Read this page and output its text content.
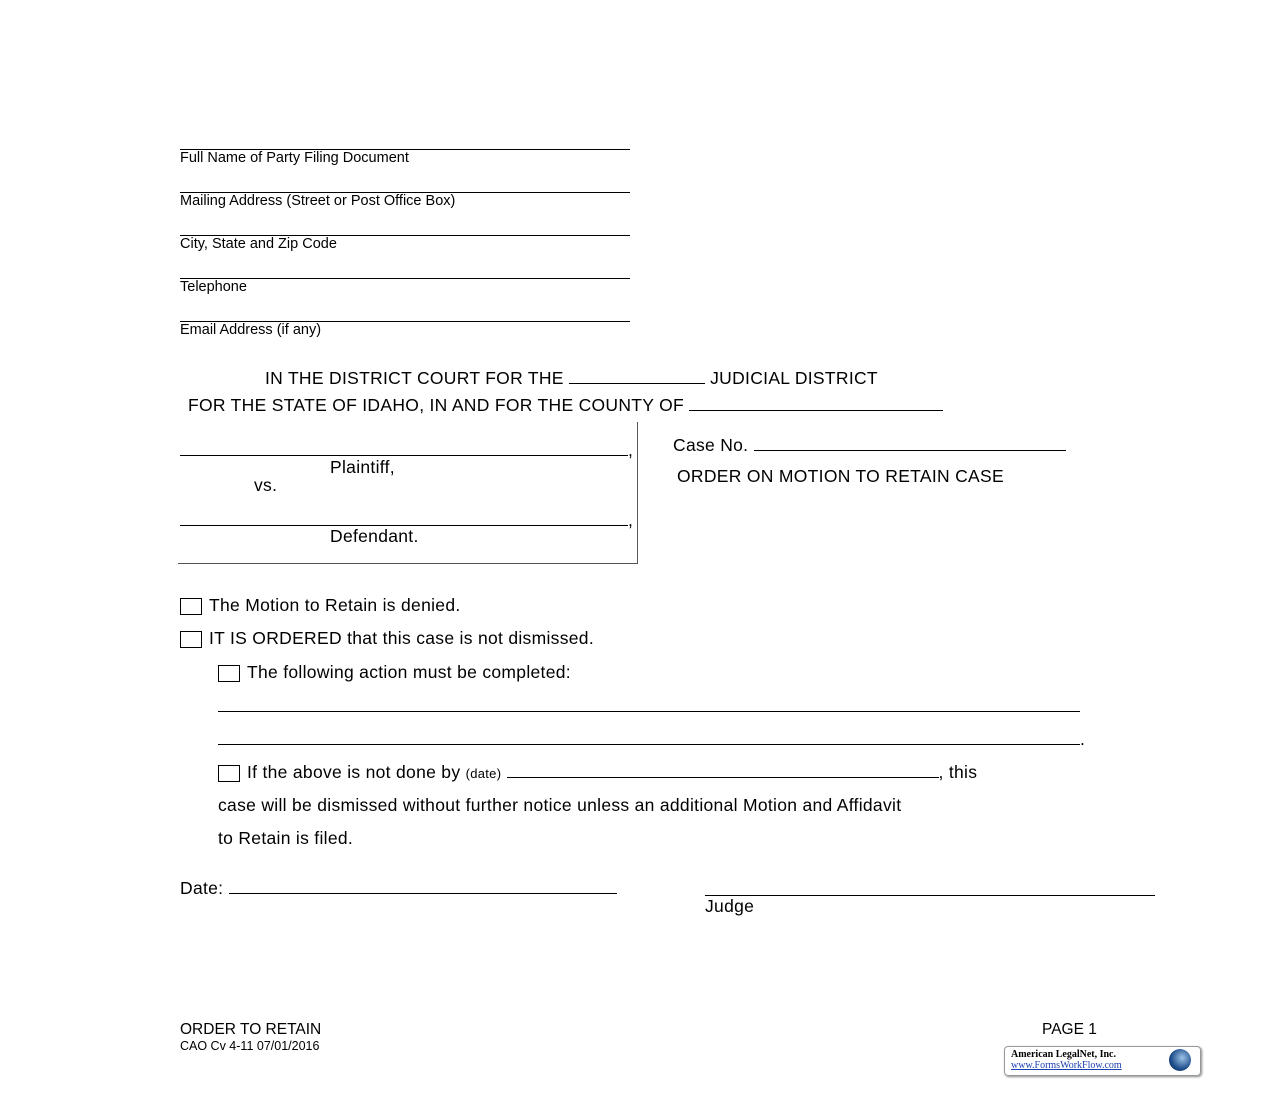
Full Name of Party Filing Document
Mailing Address (Street or Post Office Box)
City, State and Zip Code
Telephone
Email Address (if any)
IN THE DISTRICT COURT FOR THE	JUDICIAL DISTRICT
FOR THE STATE OF IDAHO, IN AND FOR THE COUNTY OF
,
Plaintiff,
vs.
,
Defendant.
Case No.
ORDER ON MOTION TO RETAIN CASE
The Motion to Retain is denied.
IT IS ORDERED that this case is not dismissed.
The following action must be completed:
.
If the above is not done by (date)	, this
case will be dismissed without further notice unless an additional Motion and Affidavit
to Retain is filed.
Date:
Judge
ORDER TO RETAIN
CAO Cv 4-11 07/01/2016
PAGE 1
American LegalNet, Inc.
www.FormsWorkFlow.com
